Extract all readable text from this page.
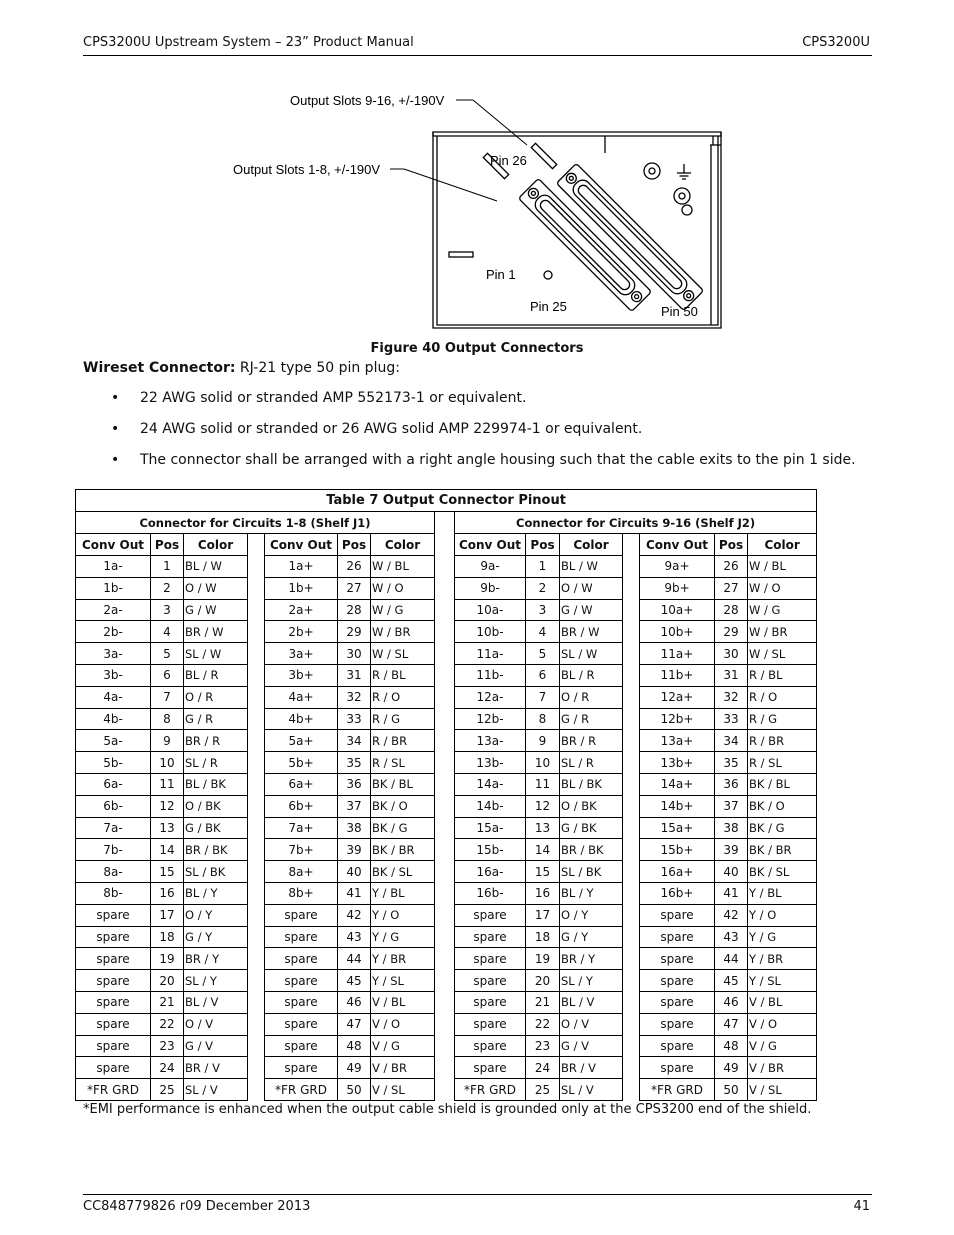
CPS3200U Upstream System – 23” Product Manual	CPS3200U
Output Slots 9-16, +/-190V
Output Slots 1-8, +/-190V
Pin 26
Pin 1
Pin 25	Pin 50
Figure 40 Output Connectors
Wireset Connector: RJ-21 type 50 pin plug:
• 22 AWG solid or stranded AMP 552173-1 or equivalent.
• 24 AWG solid or stranded or 26 AWG solid AMP 229974-1 or equivalent.
• The connector shall be arranged with a right angle housing such that the cable exits to the pin 1 side.
Table 7 Output Connector Pinout														
Connector for Circuits 1-8 (Shelf J1)								Connector for Circuits 9-16 (Shelf J2)						
Conv Out	Pos	Color		Conv Out	Pos	Color		Conv Out	Pos	Color		Conv Out	Pos	Color
1a-	1	BL / W		1a+	26	W / BL		9a-	1	BL / W		9a+	26	W / BL
1b-	2	O / W		1b+	27	W / O		9b-	2	O / W		9b+	27	W / O
2a-	3	G / W		2a+	28	W / G		10a-	3	G / W		10a+	28	W / G
2b-	4	BR / W		2b+	29	W / BR		10b-	4	BR / W		10b+	29	W / BR
3a-	5	SL / W		3a+	30	W / SL		11a-	5	SL / W		11a+	30	W / SL
3b-	6	BL / R		3b+	31	R / BL		11b-	6	BL / R		11b+	31	R / BL
4a-	7	O / R		4a+	32	R / O		12a-	7	O / R		12a+	32	R / O
4b-	8	G / R		4b+	33	R / G		12b-	8	G / R		12b+	33	R / G
5a-	9	BR / R		5a+	34	R / BR		13a-	9	BR / R		13a+	34	R / BR
5b-	10	SL / R		5b+	35	R / SL		13b-	10	SL / R		13b+	35	R / SL
6a-	11	BL / BK		6a+	36	BK / BL		14a-	11	BL / BK		14a+	36	BK / BL
6b-	12	O / BK		6b+	37	BK / O		14b-	12	O / BK		14b+	37	BK / O
7a-	13	G / BK		7a+	38	BK / G		15a-	13	G / BK		15a+	38	BK / G
7b-	14	BR / BK		7b+	39	BK / BR		15b-	14	BR / BK		15b+	39	BK / BR
8a-	15	SL / BK		8a+	40	BK / SL		16a-	15	SL / BK		16a+	40	BK / SL
8b-	16	BL / Y		8b+	41	Y / BL		16b-	16	BL / Y		16b+	41	Y / BL
spare	17	O / Y		spare	42	Y / O		spare	17	O / Y		spare	42	Y / O
spare	18	G / Y		spare	43	Y / G		spare	18	G / Y		spare	43	Y / G
spare	19	BR / Y		spare	44	Y / BR		spare	19	BR / Y		spare	44	Y / BR
spare	20	SL / Y		spare	45	Y / SL		spare	20	SL / Y		spare	45	Y / SL
spare	21	BL / V		spare	46	V / BL		spare	21	BL / V		spare	46	V / BL
spare	22	O / V		spare	47	V / O		spare	22	O / V		spare	47	V / O
spare	23	G / V		spare	48	V / G		spare	23	G / V		spare	48	V / G
spare	24	BR / V		spare	49	V / BR		spare	24	BR / V		spare	49	V / BR
*FR GRD	25	SL / V		*FR GRD	50	V / SL		*FR GRD	25	SL / V		*FR GRD	50	V / SL
*EMI performance is enhanced when the output cable shield is grounded only at the CPS3200 end of the shield.
CC848779826 r09 December 2013	41
